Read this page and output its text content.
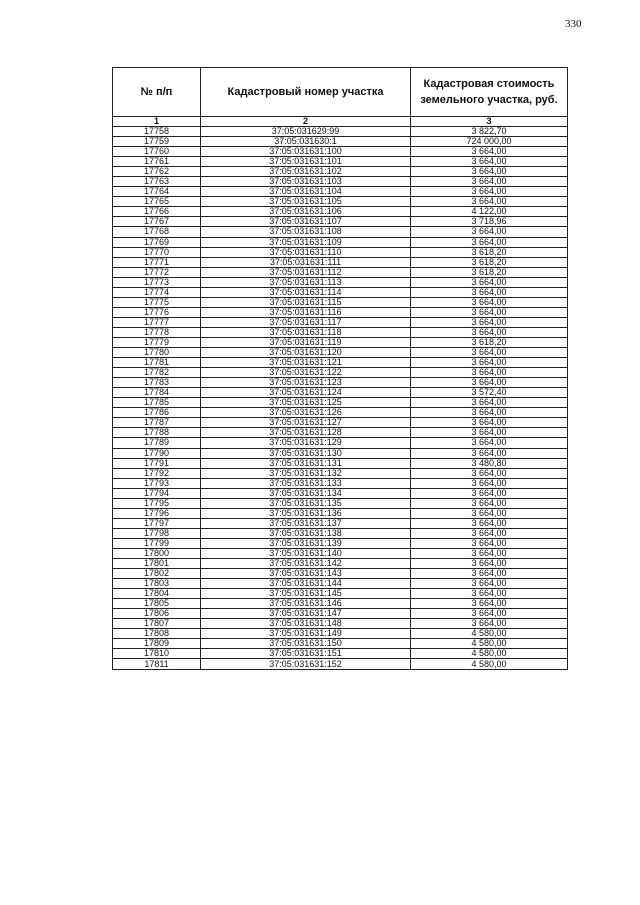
330
№ п/п	Кадастровый номер участка	Кадастровая стоимость земельного участка, руб.
1	2	3
17758	37:05:031629:99	3 822,70
17759	37:05:031630:1	724 000,00
17760	37:05:031631:100	3 664,00
17761	37:05:031631:101	3 664,00
17762	37:05:031631:102	3 664,00
17763	37:05:031631:103	3 664,00
17764	37:05:031631:104	3 664,00
17765	37:05:031631:105	3 664,00
17766	37:05:031631:106	4 122,00
17767	37:05:031631:107	3 718,96
17768	37:05:031631:108	3 664,00
17769	37:05:031631:109	3 664,00
17770	37:05:031631:110	3 618,20
17771	37:05:031631:111	3 618,20
17772	37:05:031631:112	3 618,20
17773	37:05:031631:113	3 664,00
17774	37:05:031631:114	3 664,00
17775	37:05:031631:115	3 664,00
17776	37:05:031631:116	3 664,00
17777	37:05:031631:117	3 664,00
17778	37:05:031631:118	3 664,00
17779	37:05:031631:119	3 618,20
17780	37:05:031631:120	3 664,00
17781	37:05:031631:121	3 664,00
17782	37:05:031631:122	3 664,00
17783	37:05:031631:123	3 664,00
17784	37:05:031631:124	3 572,40
17785	37:05:031631:125	3 664,00
17786	37:05:031631:126	3 664,00
17787	37:05:031631:127	3 664,00
17788	37:05:031631:128	3 664,00
17789	37:05:031631:129	3 664,00
17790	37:05:031631:130	3 664,00
17791	37:05:031631:131	3 480,80
17792	37:05:031631:132	3 664,00
17793	37:05:031631:133	3 664,00
17794	37:05:031631:134	3 664,00
17795	37:05:031631:135	3 664,00
17796	37:05:031631:136	3 664,00
17797	37:05:031631:137	3 664,00
17798	37:05:031631:138	3 664,00
17799	37:05:031631:139	3 664,00
17800	37:05:031631:140	3 664,00
17801	37:05:031631:142	3 664,00
17802	37:05:031631:143	3 664,00
17803	37:05:031631:144	3 664,00
17804	37:05:031631:145	3 664,00
17805	37:05:031631:146	3 664,00
17806	37:05:031631:147	3 664,00
17807	37:05:031631:148	3 664,00
17808	37:05:031631:149	4 580,00
17809	37:05:031631:150	4 580,00
17810	37:05:031631:151	4 580,00
17811	37:05:031631:152	4 580,00
